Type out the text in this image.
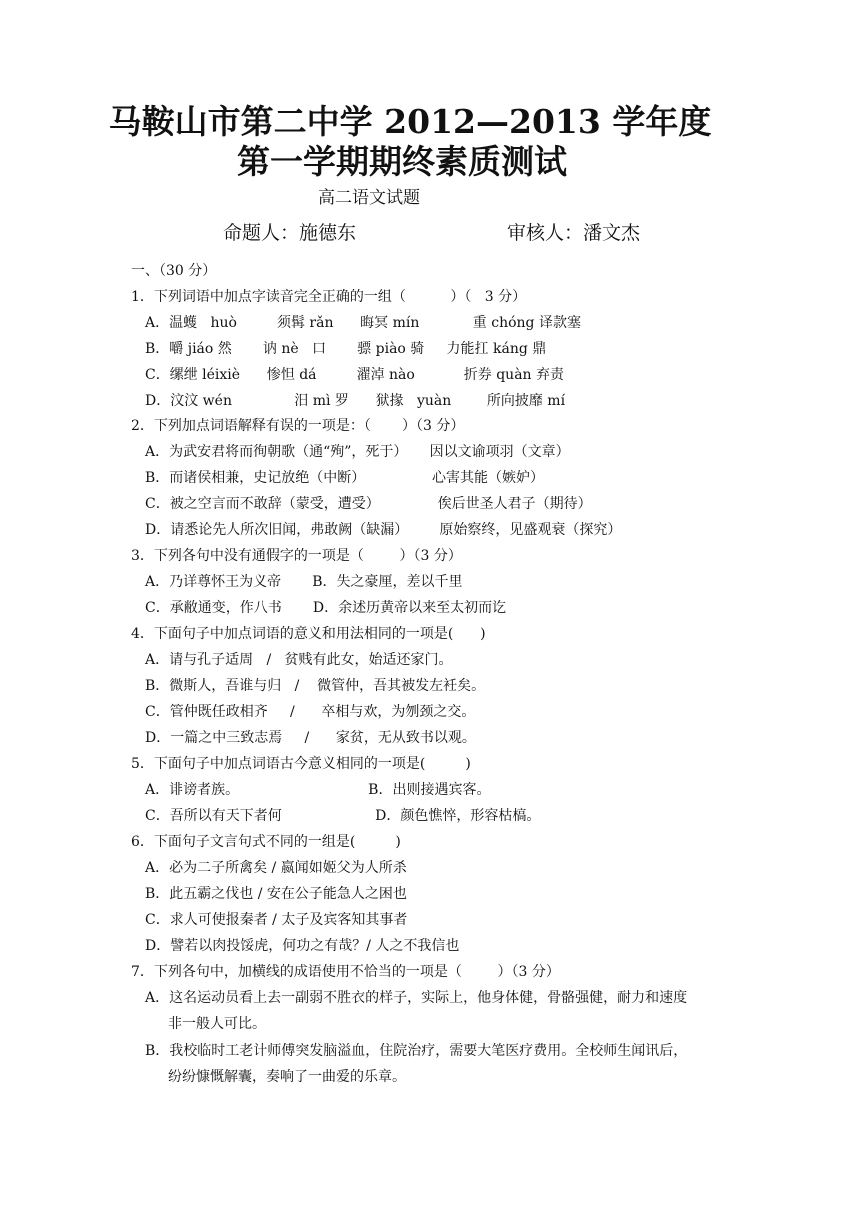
马鞍山市第二中学 2012—2013 学年度
第一学期期终素质测试
高二语文试题
命题人：施德东	审核人：潘文杰
一、（30 分）
1．下列词语中加点字读音完全正确的一组（          ）（   3 分）
A．温蠖   huò         须髯 rǎn      晦冥 mín            重 chóng 译款塞
B．嚼 jiáo 然       讷 nè   口       骠 piào 骑     力能扛 káng 鼎
C．缧绁 léixiè      惨怛 dá         濯淖 nào           折券 quàn 弃责
D．汶汶 wén              汨 mì 罗      狱掾   yuàn        所向披靡 mí
2．下列加点词语解释有误的一项是：（       ）（3 分）
A．为武安君将而徇朝歌（通“殉”，死于）     因以文谕项羽（文章）
B．而诸侯相兼，史记放绝（中断）               心害其能（嫉妒）
C．被之空言而不敢辞（蒙受，遭受）             俟后世圣人君子（期待）
D．请悉论先人所次旧闻，弗敢阙（缺漏）       原始察终，见盛观衰（探究）
3．下列各句中没有通假字的一项是（        ）（3 分）
A．乃详尊怀王为义帝       B．失之豪厘，差以千里
C．承敝通变，作八书       D．余述历黄帝以来至太初而讫
4．下面句子中加点词语的意义和用法相同的一项是(      )
A．请与孔子适周   /   贫贱有此女，始适还家门。
B．微斯人，吾谁与归   /    微管仲，吾其被发左衽矣。
C．管仲既任政相齐     /      卒相与欢，为刎颈之交。
D．一篇之中三致志焉     /      家贫，无从致书以观。
5．下面句子中加点词语古今意义相同的一项是(         )
A．诽谤者族。                             B．出则接遇宾客。
C．吾所以有天下者何                     D．颜色憔悴，形容枯槁。
6．下面句子文言句式不同的一组是(         )
A．必为二子所禽矣 / 嬴闻如姬父为人所杀
B．此五霸之伐也 / 安在公子能急人之困也
C．求人可使报秦者 / 太子及宾客知其事者
D．譬若以肉投馁虎，何功之有哉？/ 人之不我信也
7．下列各句中，加横线的成语使用不恰当的一项是（        ）（3 分）
A．这名运动员看上去一副弱不胜衣的样子，实际上，他身体健，骨骼强健，耐力和速度
非一般人可比。
B．我校临时工老计师傅突发脑溢血，住院治疗，需要大笔医疗费用。全校师生闻讯后，
纷纷慷慨解囊，奏响了一曲爱的乐章。
